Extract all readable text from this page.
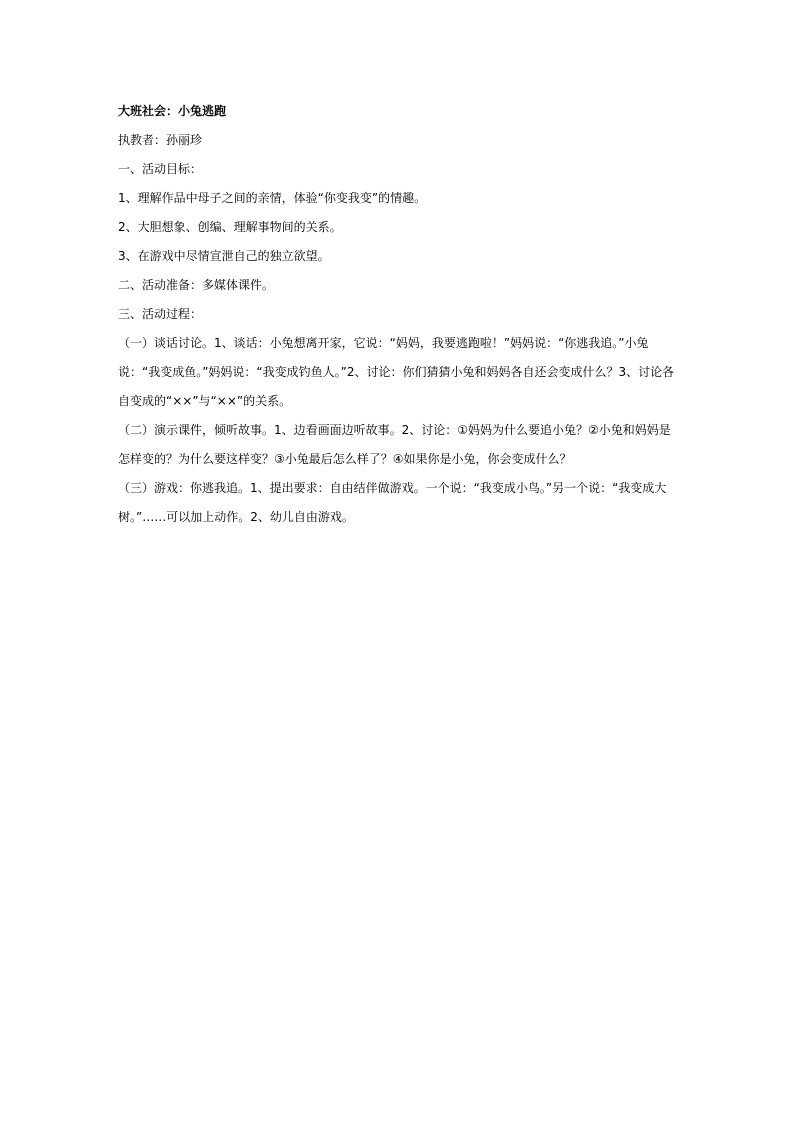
大班社会：小兔逃跑

执教者：孙丽珍

一、活动目标：

1、理解作品中母子之间的亲情，体验“你变我变”的情趣。

2、大胆想象、创编、理解事物间的关系。

3、在游戏中尽情宣泄自己的独立欲望。

二、活动准备：多媒体课件。

三、活动过程：

（一）谈话讨论。1、谈话：小兔想离开家，它说：“妈妈，我要逃跑啦！”妈妈说：“你逃我追。”小兔说：“我变成鱼。”妈妈说：“我变成钓鱼人。”2、讨论：你们猜猜小兔和妈妈各自还会变成什么？3、讨论各自变成的“××”与“××”的关系。

（二）演示课件，倾听故事。1、边看画面边听故事。2、讨论：①妈妈为什么要追小兔？②小兔和妈妈是怎样变的？为什么要这样变？③小兔最后怎么样了？④如果你是小兔，你会变成什么？

（三）游戏：你逃我追。1、提出要求：自由结伴做游戏。一个说：“我变成小鸟。”另一个说：“我变成大树。”……可以加上动作。2、幼儿自由游戏。
